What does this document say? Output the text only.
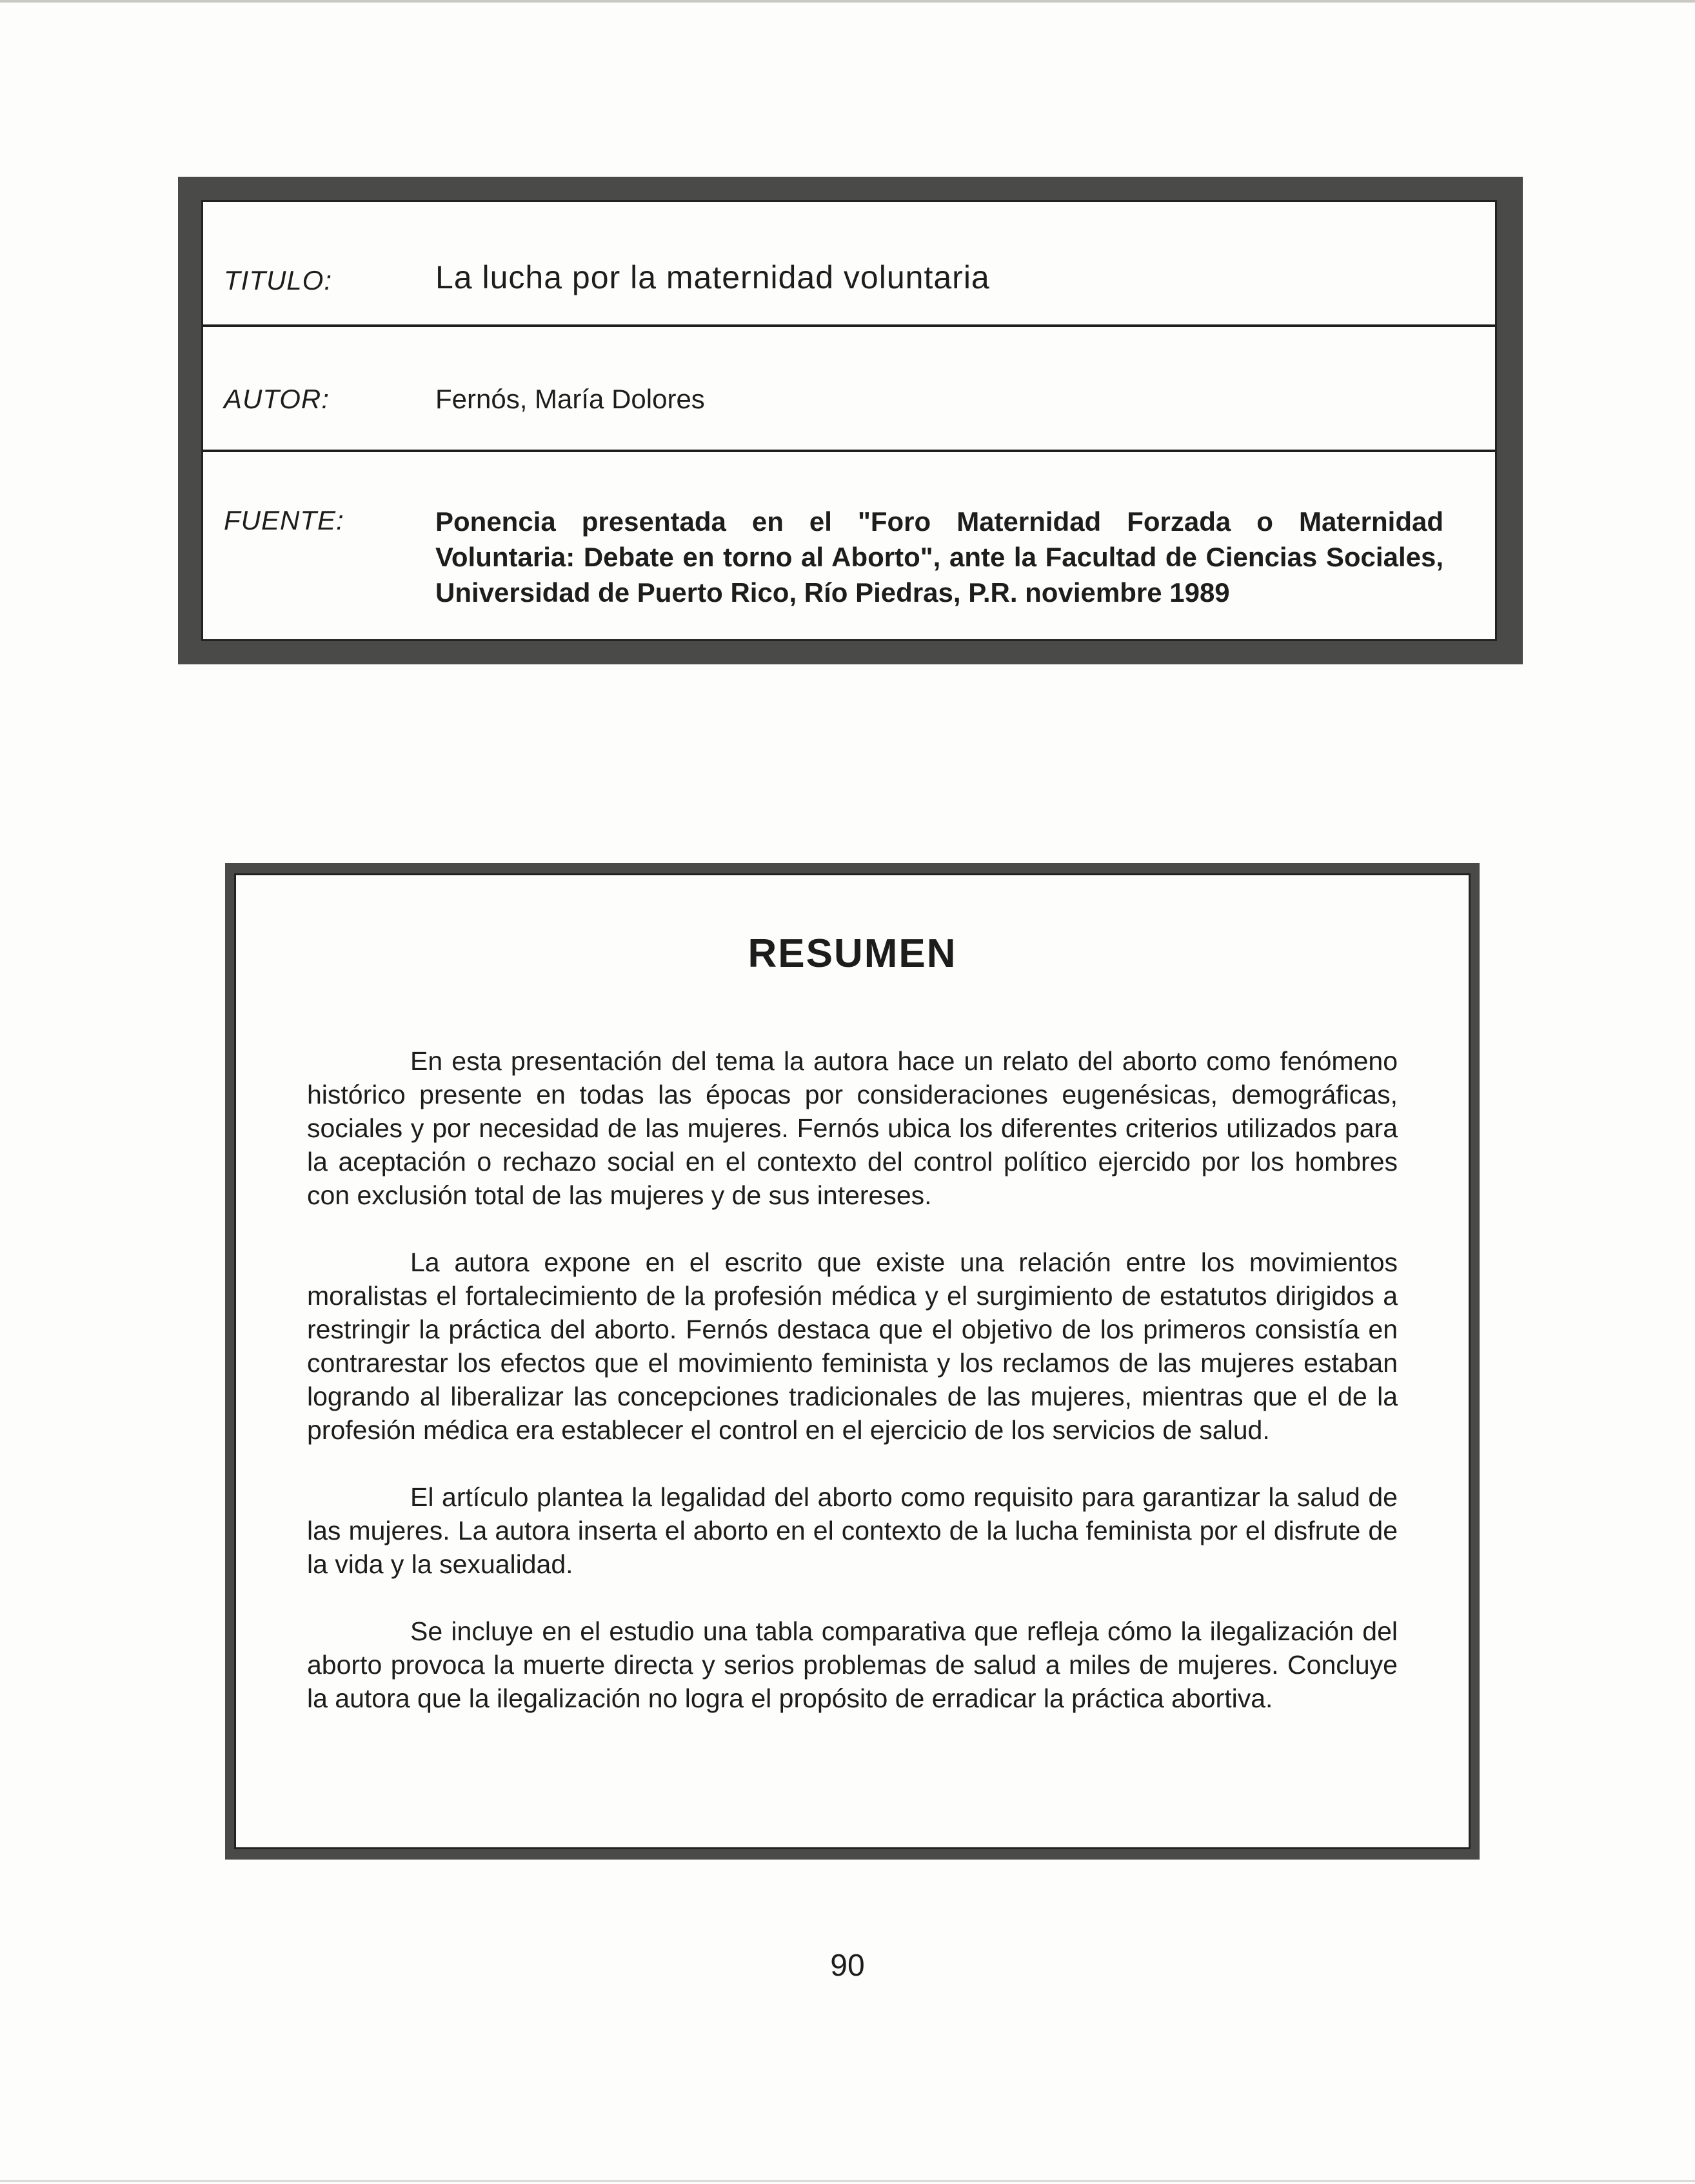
TITULO:	La lucha por la maternidad voluntaria
AUTOR:	Fernós, María Dolores
FUENTE:	Ponencia presentada en el "Foro Maternidad Forzada o Maternidad Voluntaria: Debate en torno al Aborto", ante la Facultad de Ciencias Sociales, Universidad de Puerto Rico, Río Piedras, P.R. noviembre 1989
RESUMEN

En esta presentación del tema la autora hace un relato del aborto como fenómeno histórico presente en todas las épocas por consideraciones eugenésicas, demográficas, sociales y por necesidad de las mujeres. Fernós ubica los diferentes criterios utilizados para la aceptación o rechazo social en el contexto del control político ejercido por los hombres con exclusión total de las mujeres y de sus intereses.

La autora expone en el escrito que existe una relación entre los movimientos moralistas el fortalecimiento de la profesión médica y el surgimiento de estatutos dirigidos a restringir la práctica del aborto. Fernós destaca que el objetivo de los primeros consistía en contrarestar los efectos que el movimiento feminista y los reclamos de las mujeres estaban logrando al liberalizar las concepciones tradicionales de las mujeres, mientras que el de la profesión médica era establecer el control en el ejercicio de los servicios de salud.

El artículo plantea la legalidad del aborto como requisito para garantizar la salud de las mujeres. La autora inserta el aborto en el contexto de la lucha feminista por el disfrute de la vida y la sexualidad.

Se incluye en el estudio una tabla comparativa que refleja cómo la ilegalización del aborto provoca la muerte directa y serios problemas de salud a miles de mujeres. Concluye la autora que la ilegalización no logra el propósito de erradicar la práctica abortiva.

90
